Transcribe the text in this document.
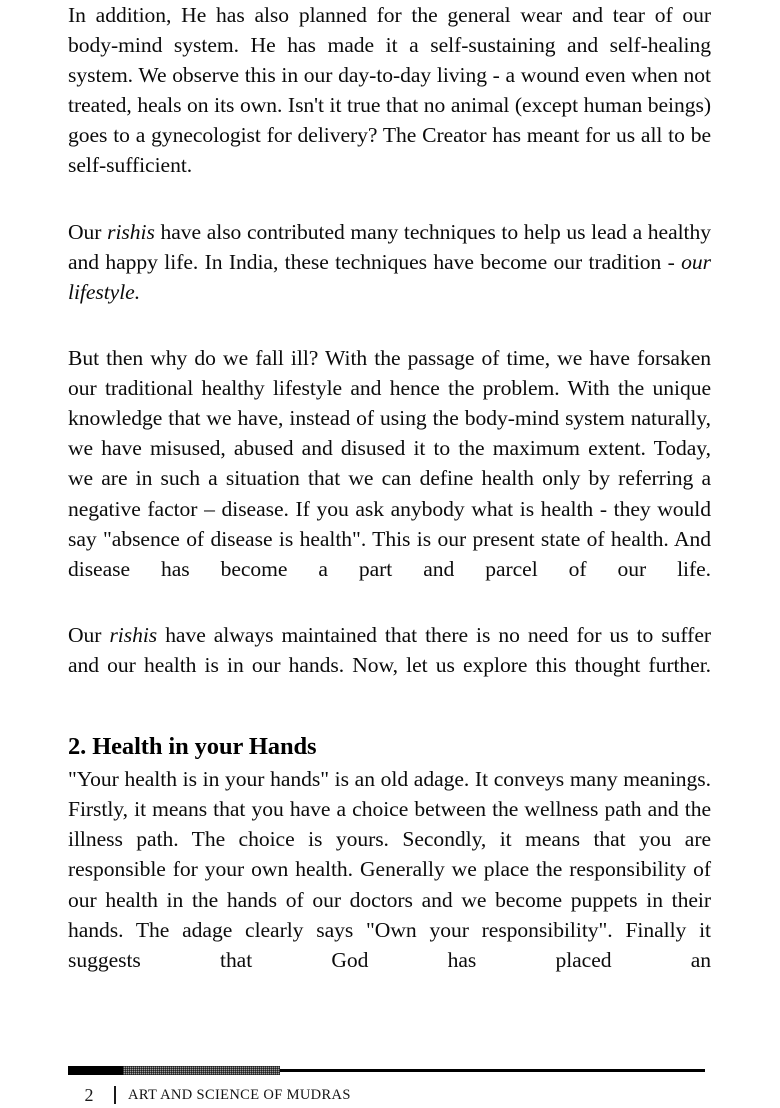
In addition, He has also planned for the general wear and tear of our body-mind system. He has made it a self-sustaining and self-healing system. We observe this in our day-to-day living - a wound even when not treated, heals on its own. Isn't it true that no animal (except human beings) goes to a gynecologist for delivery? The Creator has meant for us all to be self-sufficient.

Our rishis have also contributed many techniques to help us lead a healthy and happy life. In India, these techniques have become our tradition - our lifestyle.

But then why do we fall ill? With the passage of time, we have forsaken our traditional healthy lifestyle and hence the problem. With the unique knowledge that we have, instead of using the body-mind system naturally, we have misused, abused and disused it to the maximum extent. Today, we are in such a situation that we can define health only by referring a negative factor – disease. If you ask anybody what is health - they would say "absence of disease is health". This is our present state of health. And disease has become a part and parcel of our life.

Our rishis have always maintained that there is no need for us to suffer and our health is in our hands. Now, let us explore this thought further.

2. Health in your Hands

"Your health is in your hands" is an old adage. It conveys many meanings. Firstly, it means that you have a choice between the wellness path and the illness path. The choice is yours. Secondly, it means that you are responsible for your own health. Generally we place the responsibility of our health in the hands of our doctors and we become puppets in their hands. The adage clearly says "Own your responsibility". Finally it suggests that God has placed an

2	ART AND SCIENCE OF MUDRAS
